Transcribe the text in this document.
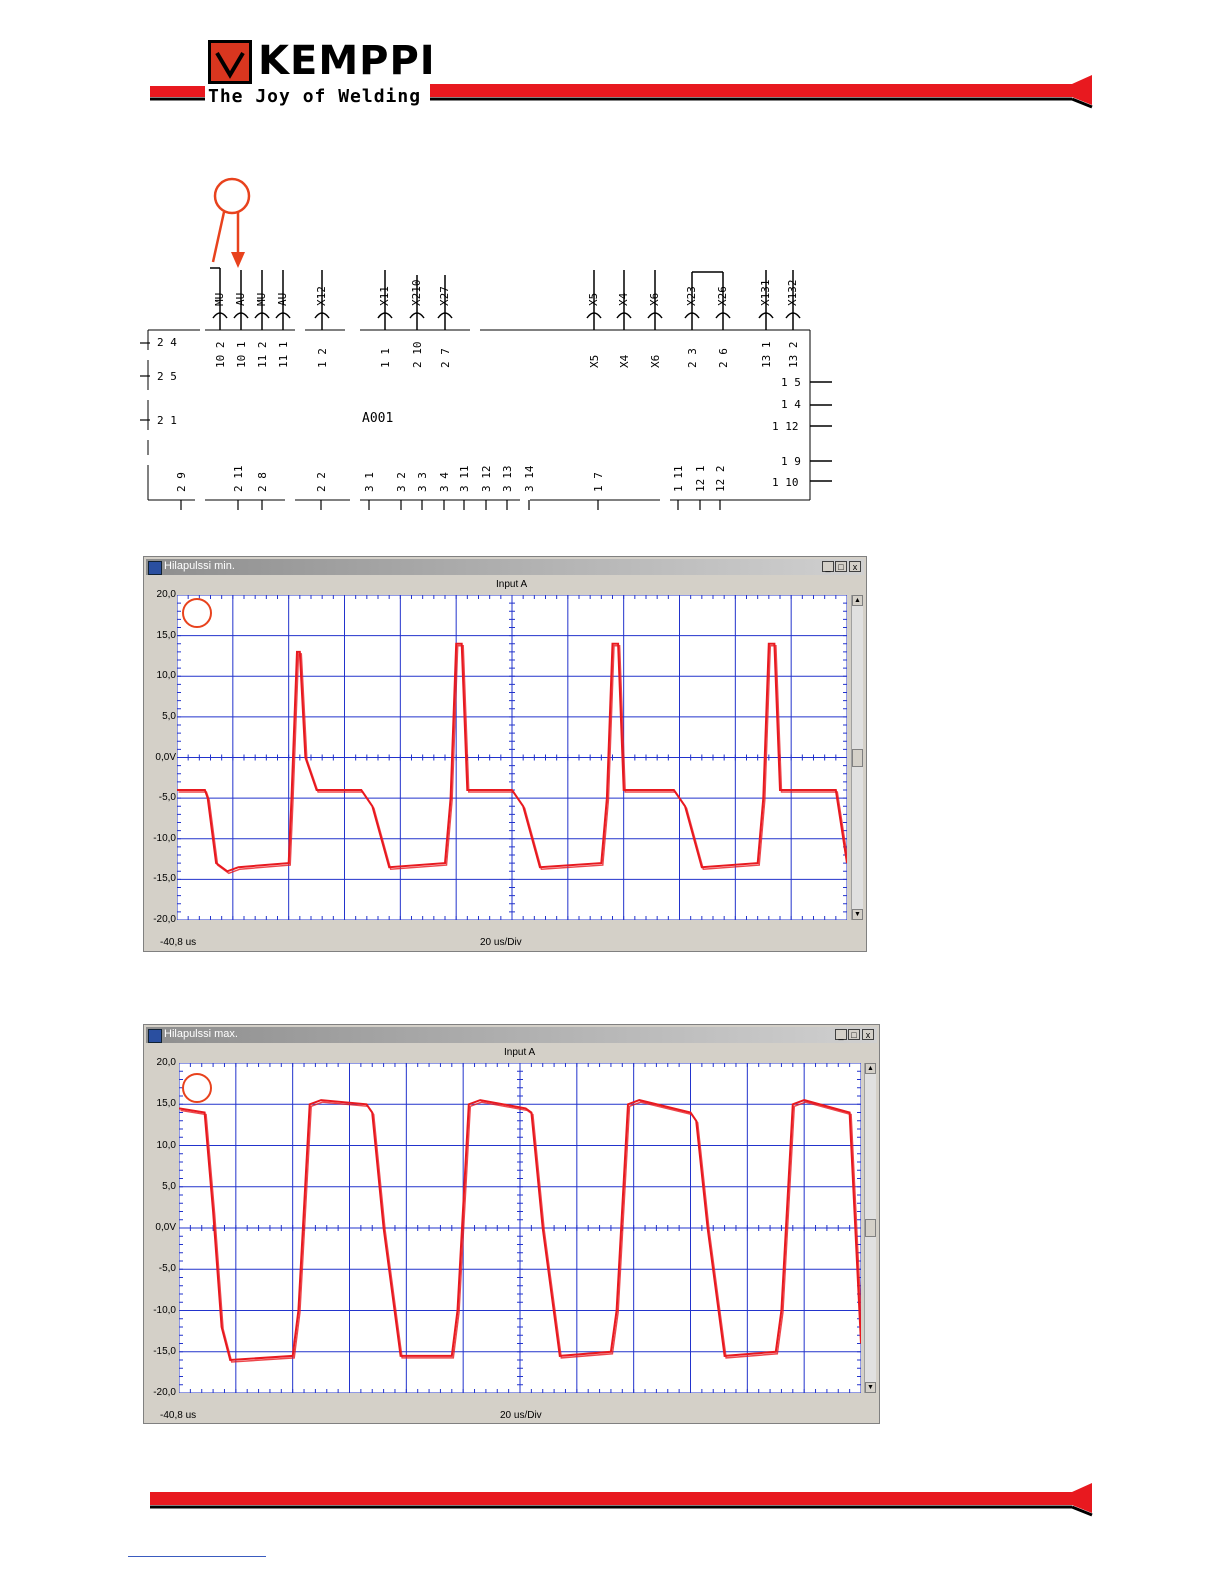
KEMPPI
The Joy of Welding
A001
MU AU MU AU X12	X11 X210 X27	X5 X4 X6 X23 X26	X131 X132
10 2 10 1 11 2 11 1 1 2	1 1 2 10 2 7	X5 X4 X6 2 3 2 6	13 1 13 2
2 9	2 11 2 8	2 2	3 1 3 2 3 3 3 4 3 11 3 12 3 13 3 14	1 7	1 11 12 1 12 2
2 4
2 5
2 1
1 5
1 4
1 12
1 9
1 10
Hilapulssi min.	_ □	x
Input A
20,0
15,0
10,0
5,0
0,0V
-5,0
-10,0
-15,0
-20,0
▲
▼
-40,8 us	20 us/Div
Hilapulssi max.	_ □	x
Input A
20,0
15,0
10,0
5,0
0,0V
-5,0
-10,0
-15,0
-20,0
▲
▼
-40,8 us	20 us/Div
